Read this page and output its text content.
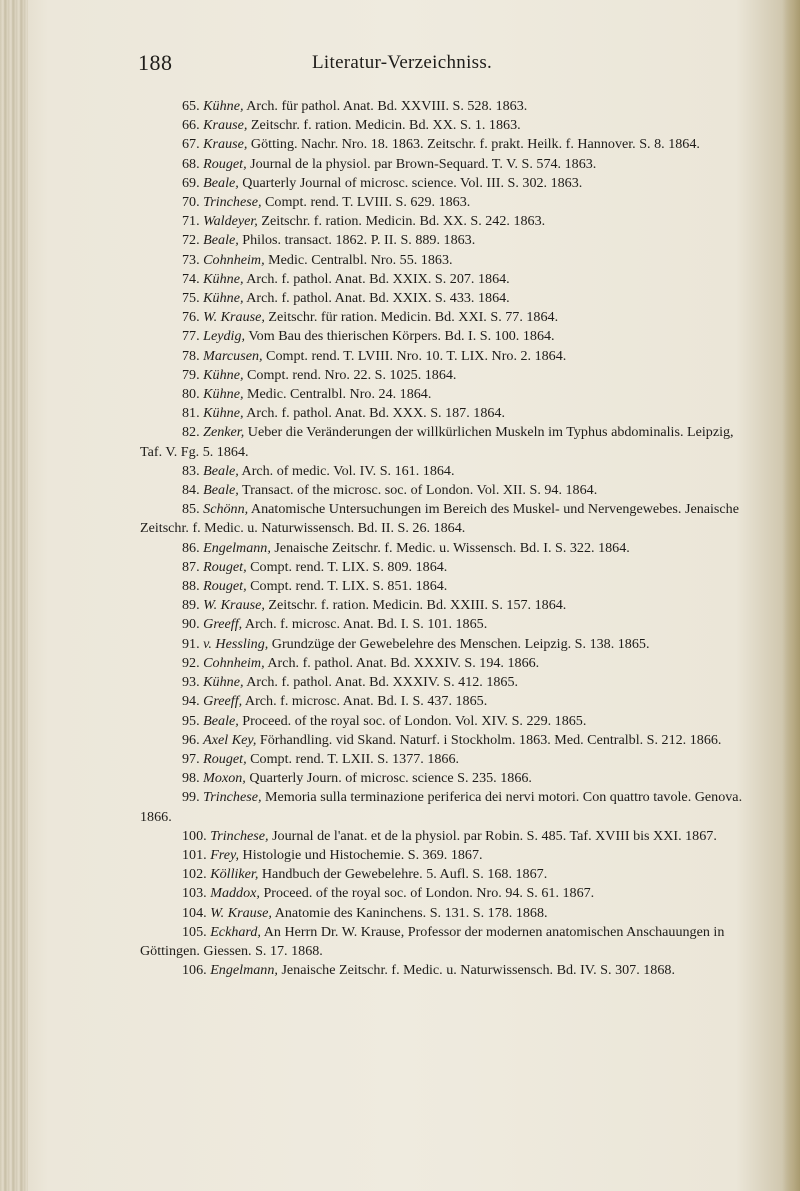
188	Literatur-Verzeichniss.

65. Kühne, Arch. für pathol. Anat. Bd. XXVIII. S. 528. 1863.

66. Krause, Zeitschr. f. ration. Medicin. Bd. XX. S. 1. 1863.

67. Krause, Götting. Nachr. Nro. 18. 1863. Zeitschr. f. prakt. Heilk. f. Hannover. S. 8. 1864.

68. Rouget, Journal de la physiol. par Brown-Sequard. T. V. S. 574. 1863.

69. Beale, Quarterly Journal of microsc. science. Vol. III. S. 302. 1863.

70. Trinchese, Compt. rend. T. LVIII. S. 629. 1863.

71. Waldeyer, Zeitschr. f. ration. Medicin. Bd. XX. S. 242. 1863.

72. Beale, Philos. transact. 1862. P. II. S. 889. 1863.

73. Cohnheim, Medic. Centralbl. Nro. 55. 1863.

74. Kühne, Arch. f. pathol. Anat. Bd. XXIX. S. 207. 1864.

75. Kühne, Arch. f. pathol. Anat. Bd. XXIX. S. 433. 1864.

76. W. Krause, Zeitschr. für ration. Medicin. Bd. XXI. S. 77. 1864.

77. Leydig, Vom Bau des thierischen Körpers. Bd. I. S. 100. 1864.

78. Marcusen, Compt. rend. T. LVIII. Nro. 10. T. LIX. Nro. 2. 1864.

79. Kühne, Compt. rend. Nro. 22. S. 1025. 1864.

80. Kühne, Medic. Centralbl. Nro. 24. 1864.

81. Kühne, Arch. f. pathol. Anat. Bd. XXX. S. 187. 1864.

82. Zenker, Ueber die Veränderungen der willkürlichen Muskeln im Typhus abdominalis. Leipzig, Taf. V. Fg. 5. 1864.

83. Beale, Arch. of medic. Vol. IV. S. 161. 1864.

84. Beale, Transact. of the microsc. soc. of London. Vol. XII. S. 94. 1864.

85. Schönn, Anatomische Untersuchungen im Bereich des Muskel- und Nervengewebes. Jenaische Zeitschr. f. Medic. u. Naturwissensch. Bd. II. S. 26. 1864.

86. Engelmann, Jenaische Zeitschr. f. Medic. u. Wissensch. Bd. I. S. 322. 1864.

87. Rouget, Compt. rend. T. LIX. S. 809. 1864.

88. Rouget, Compt. rend. T. LIX. S. 851. 1864.

89. W. Krause, Zeitschr. f. ration. Medicin. Bd. XXIII. S. 157. 1864.

90. Greeff, Arch. f. microsc. Anat. Bd. I. S. 101. 1865.

91. v. Hessling, Grundzüge der Gewebelehre des Menschen. Leipzig. S. 138. 1865.

92. Cohnheim, Arch. f. pathol. Anat. Bd. XXXIV. S. 194. 1866.

93. Kühne, Arch. f. pathol. Anat. Bd. XXXIV. S. 412. 1865.

94. Greeff, Arch. f. microsc. Anat. Bd. I. S. 437. 1865.

95. Beale, Proceed. of the royal soc. of London. Vol. XIV. S. 229. 1865.

96. Axel Key, Förhandling. vid Skand. Naturf. i Stockholm. 1863. Med. Centralbl. S. 212. 1866.

97. Rouget, Compt. rend. T. LXII. S. 1377. 1866.

98. Moxon, Quarterly Journ. of microsc. science S. 235. 1866.

99. Trinchese, Memoria sulla terminazione periferica dei nervi motori. Con quattro tavole. Genova. 1866.

100. Trinchese, Journal de l'anat. et de la physiol. par Robin. S. 485. Taf. XVIII bis XXI. 1867.

101. Frey, Histologie und Histochemie. S. 369. 1867.

102. Kölliker, Handbuch der Gewebelehre. 5. Aufl. S. 168. 1867.

103. Maddox, Proceed. of the royal soc. of London. Nro. 94. S. 61. 1867.

104. W. Krause, Anatomie des Kaninchens. S. 131. S. 178. 1868.

105. Eckhard, An Herrn Dr. W. Krause, Professor der modernen anatomischen Anschauungen in Göttingen. Giessen. S. 17. 1868.

106. Engelmann, Jenaische Zeitschr. f. Medic. u. Naturwissensch. Bd. IV. S. 307. 1868.
